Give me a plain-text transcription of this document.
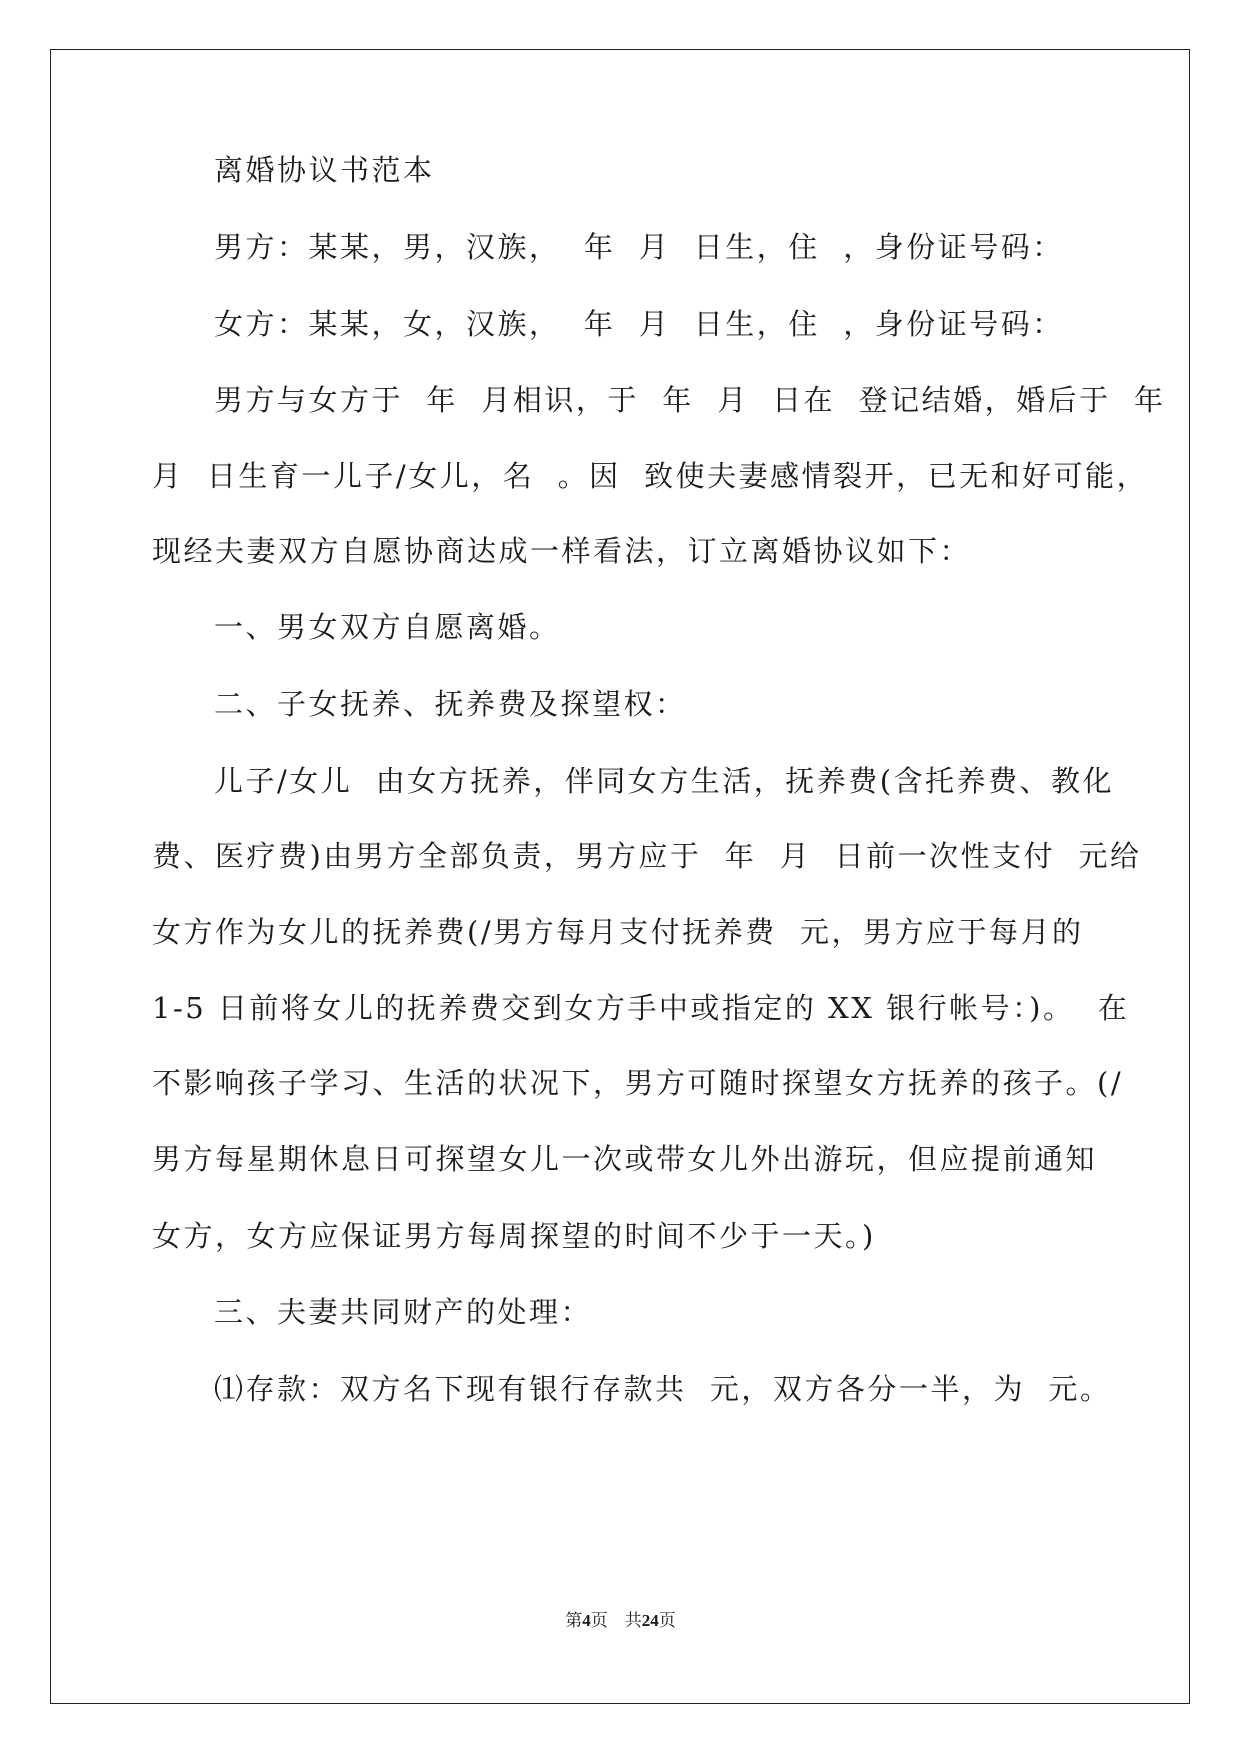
离婚协议书范本
男方：某某，男，汉族，  年  月  日生，住  ，身份证号码：
女方：某某，女，汉族，  年  月  日生，住  ，身份证号码：
男方与女方于  年  月相识，于  年  月  日在  登记结婚，婚后于  年
月  日生育一儿子/女儿，名  。因  致使夫妻感情裂开，已无和好可能，
现经夫妻双方自愿协商达成一样看法，订立离婚协议如下：
一、男女双方自愿离婚。
二、子女抚养、抚养费及探望权：
儿子/女儿  由女方抚养，伴同女方生活，抚养费(含托养费、教化
费、医疗费)由男方全部负责，男方应于  年  月  日前一次性支付  元给
女方作为女儿的抚养费(/男方每月支付抚养费  元，男方应于每月的
1-5 日前将女儿的抚养费交到女方手中或指定的 XX 银行帐号：)。  在
不影响孩子学习、生活的状况下，男方可随时探望女方抚养的孩子。(/
男方每星期休息日可探望女儿一次或带女儿外出游玩，但应提前通知
女方，女方应保证男方每周探望的时间不少于一天。)
三、夫妻共同财产的处理：
⑴存款：双方名下现有银行存款共  元，双方各分一半，为  元。
第4页    共24页
